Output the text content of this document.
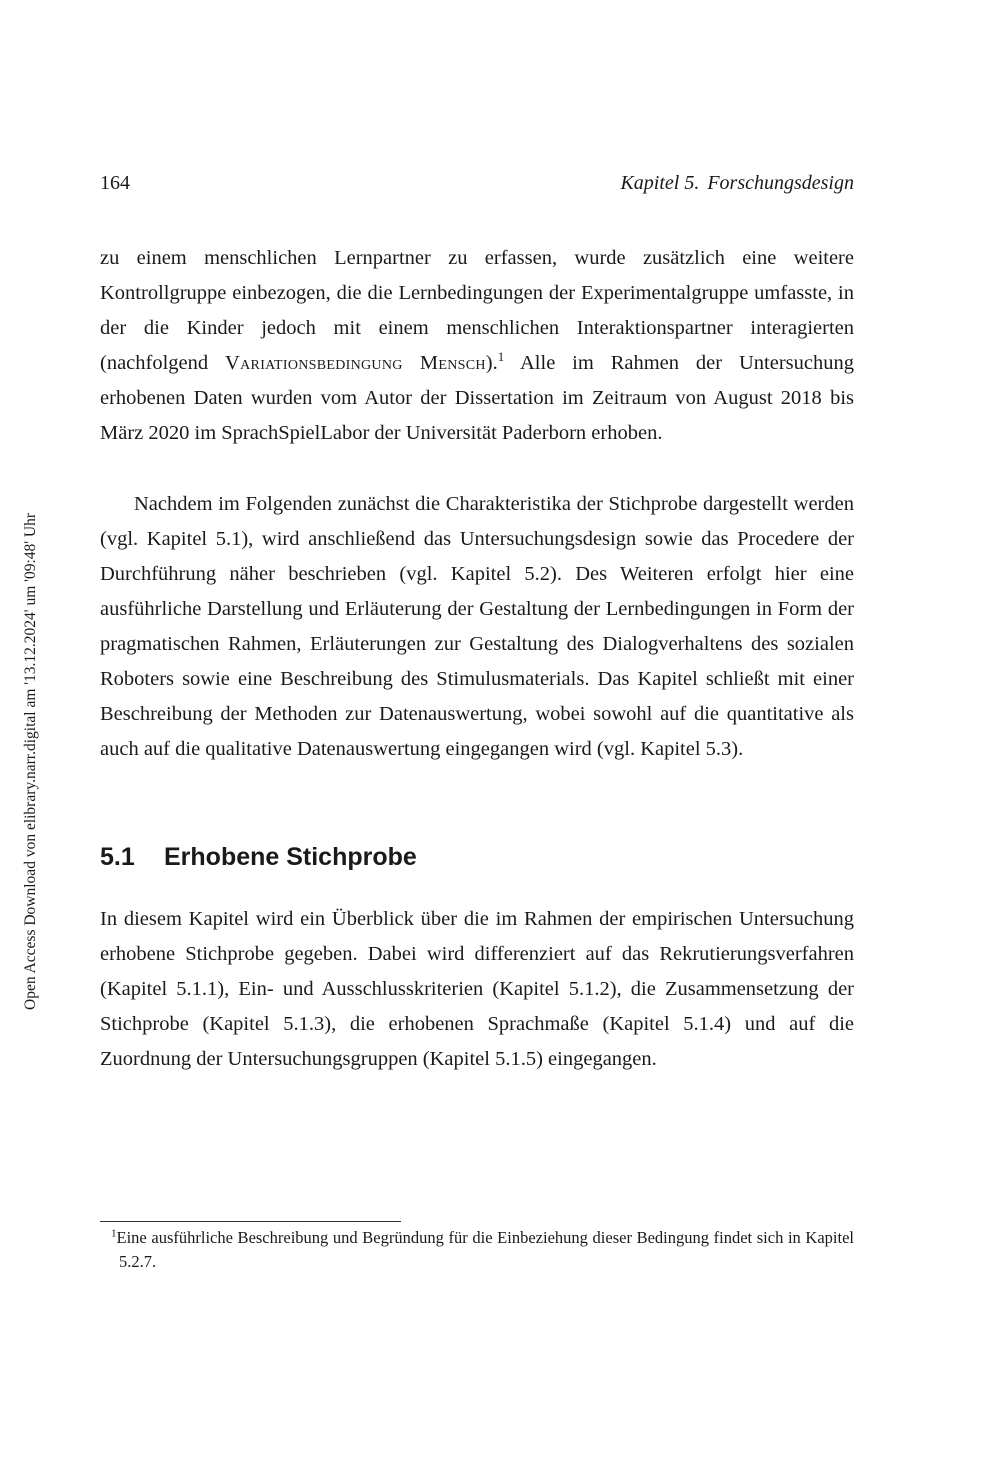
164	Kapitel 5. Forschungsdesign
Open Access Download von elibrary.narr.digital am '13.12.2024' um '09:48' Uhr

zu einem menschlichen Lernpartner zu erfassen, wurde zusätzlich eine weitere Kontrollgruppe einbezogen, die die Lernbedingungen der Experimentalgruppe umfasste, in der die Kinder jedoch mit einem menschlichen Interaktionspartner interagierten (nachfolgend Variationsbedingung Mensch).$^1$ Alle im Rahmen der Untersuchung erhobenen Daten wurden vom Autor der Dissertation im Zeitraum von August 2018 bis März 2020 im SprachSpielLabor der Universität Paderborn erhoben.

Nachdem im Folgenden zunächst die Charakteristika der Stichprobe dargestellt werden (vgl. Kapitel 5.1), wird anschließend das Untersuchungsdesign sowie das Procedere der Durchführung näher beschrieben (vgl. Kapitel 5.2). Des Weiteren erfolgt hier eine ausführliche Darstellung und Erläuterung der Gestaltung der Lernbedingungen in Form der pragmatischen Rahmen, Erläuterungen zur Gestaltung des Dialogverhaltens des sozialen Roboters sowie eine Beschreibung des Stimulusmaterials. Das Kapitel schließt mit einer Beschreibung der Methoden zur Datenauswertung, wobei sowohl auf die quantitative als auch auf die qualitative Datenauswertung eingegangen wird (vgl. Kapitel 5.3).

5.1 Erhobene Stichprobe

In diesem Kapitel wird ein Überblick über die im Rahmen der empirischen Untersuchung erhobene Stichprobe gegeben. Dabei wird differenziert auf das Rekrutierungsverfahren (Kapitel 5.1.1), Ein- und Ausschlusskriterien (Kapitel 5.1.2), die Zusammensetzung der Stichprobe (Kapitel 5.1.3), die erhobenen Sprachmaße (Kapitel 5.1.4) und auf die Zuordnung der Untersuchungsgruppen (Kapitel 5.1.5) eingegangen.

$^1$Eine ausführliche Beschreibung und Begründung für die Einbeziehung dieser Bedingung findet sich in Kapitel 5.2.7.
